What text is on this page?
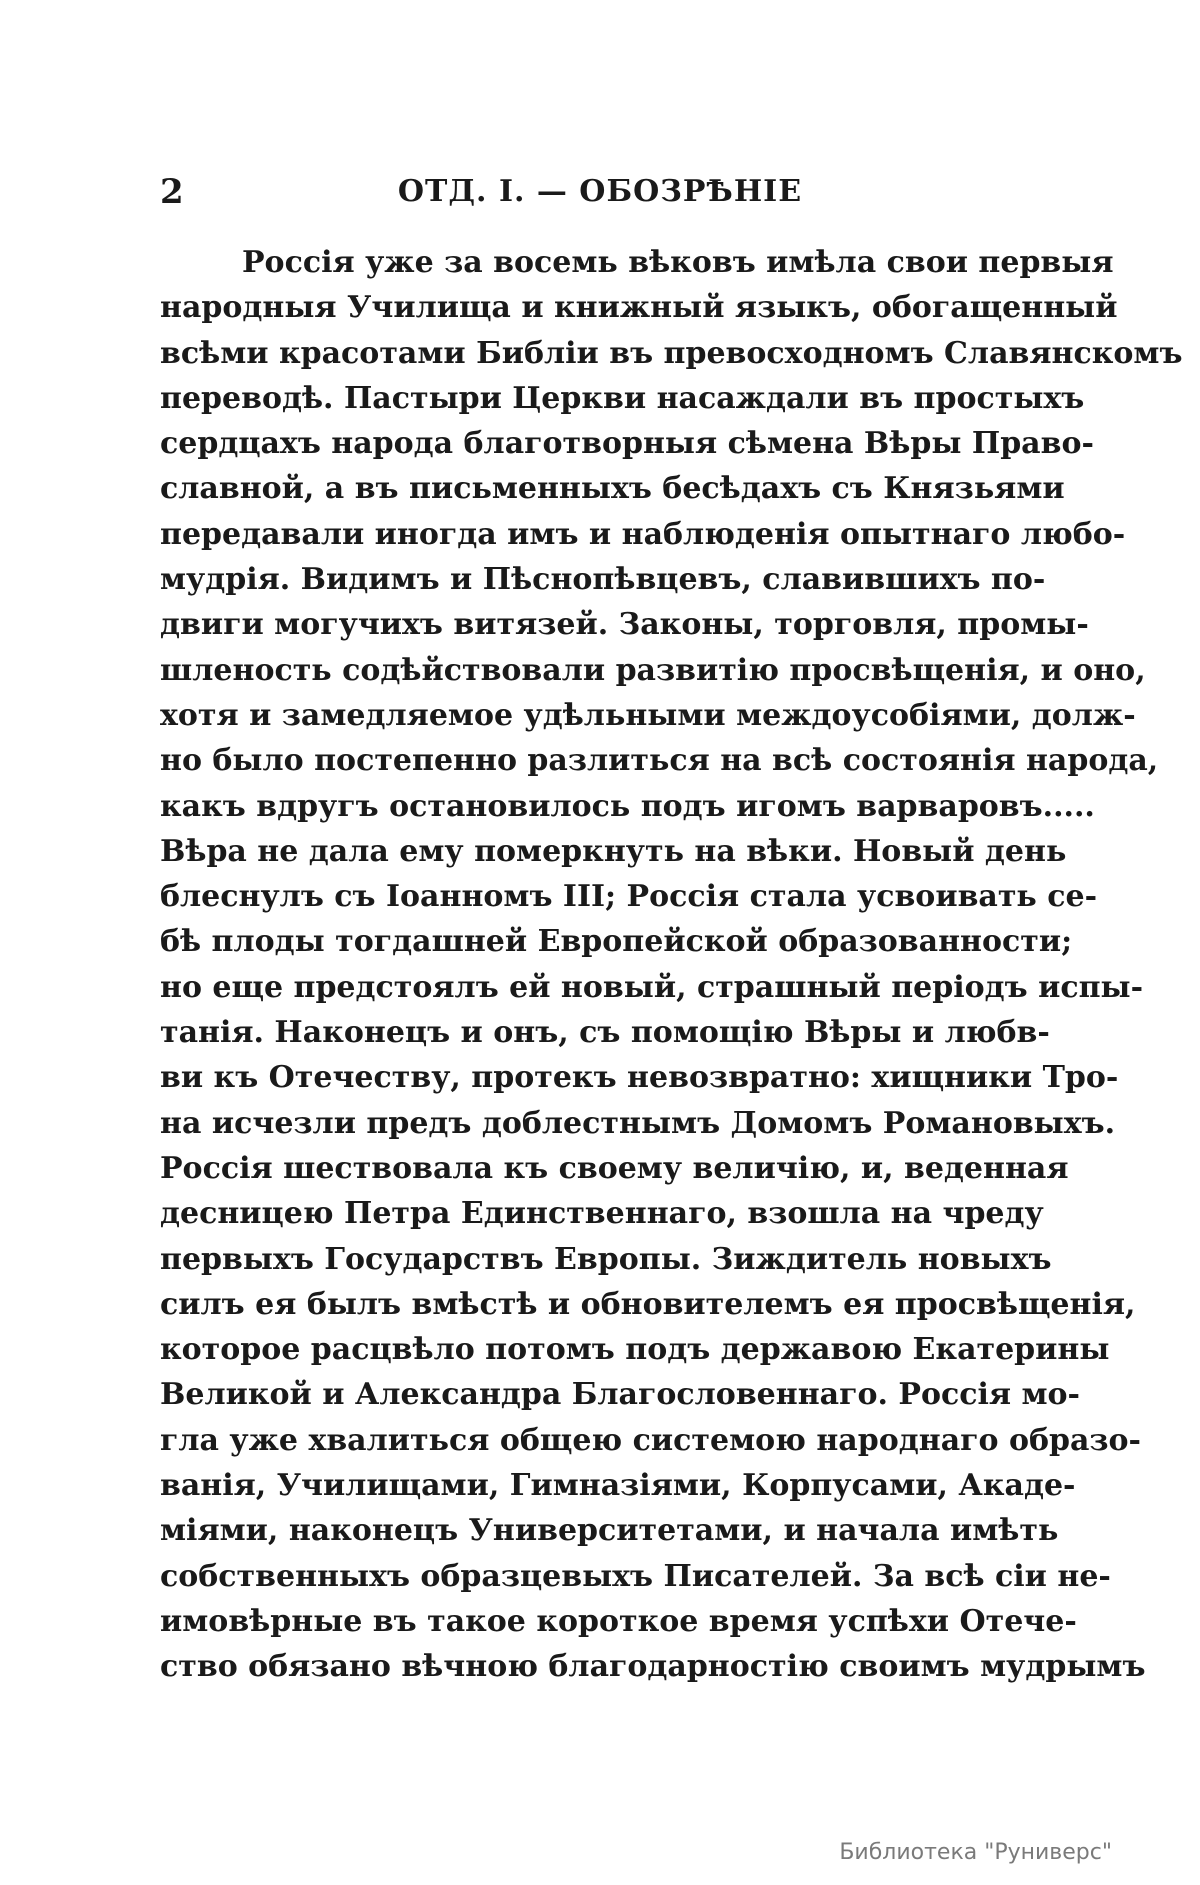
2	ОТД. I. — ОБОЗРѢНIЕ
Россія уже за восемь вѣковъ имѣла свои первыя
народныя Училища и книжный языкъ, обогащенный
всѣми красотами Библіи въ превосходномъ Славянскомъ
переводѣ. Пастыри Церкви насаждали въ простыхъ
сердцахъ народа благотворныя сѣмена Вѣры Право-
славной, а въ письменныхъ бесѣдахъ съ Князьями
передавали иногда имъ и наблюденія опытнаго любо-
мудрія. Видимъ и Пѣснопѣвцевъ, славившихъ по-
двиги могучихъ витязей. Законы, торговля, промы-
шленость содѣйствовали развитію просвѣщенія, и оно,
хотя и замедляемое удѣльными междоусобіями, долж-
но было постепенно разлиться на всѣ состоянія народа,
какъ вдругъ остановилось подъ игомъ варваровъ.....
Вѣра не дала ему померкнуть на вѣки. Новый день
блеснулъ съ Іоанномъ III; Россія стала усвоивать се-
бѣ плоды тогдашней Европейской образованности;
но еще предстоялъ ей новый, страшный періодъ испы-
танія. Наконецъ и онъ, съ помощію Вѣры и любв-
ви къ Отечеству, протекъ невозвратно: хищники Тро-
на исчезли предъ доблестнымъ Домомъ Романовыхъ.
Россія шествовала къ своему величію, и, веденная
десницею Петра Единственнаго, взошла на чреду
первыхъ Государствъ Европы. Зиждитель новыхъ
силъ ея былъ вмѣстѣ и обновителемъ ея просвѣщенія,
которое расцвѣло потомъ подъ державою Екатерины
Великой и Александра Благословеннаго. Россія мо-
гла уже хвалиться общею системою народнаго образо-
ванія, Училищами, Гимназіями, Корпусами, Акаде-
міями, наконецъ Университетами, и начала имѣть
собственныхъ образцевыхъ Писателей. За всѣ сіи не-
имовѣрные въ такое короткое время успѣхи Отече-
ство обязано вѣчною благодарностію своимъ мудрымъ
Библиотека "Руниверс"
